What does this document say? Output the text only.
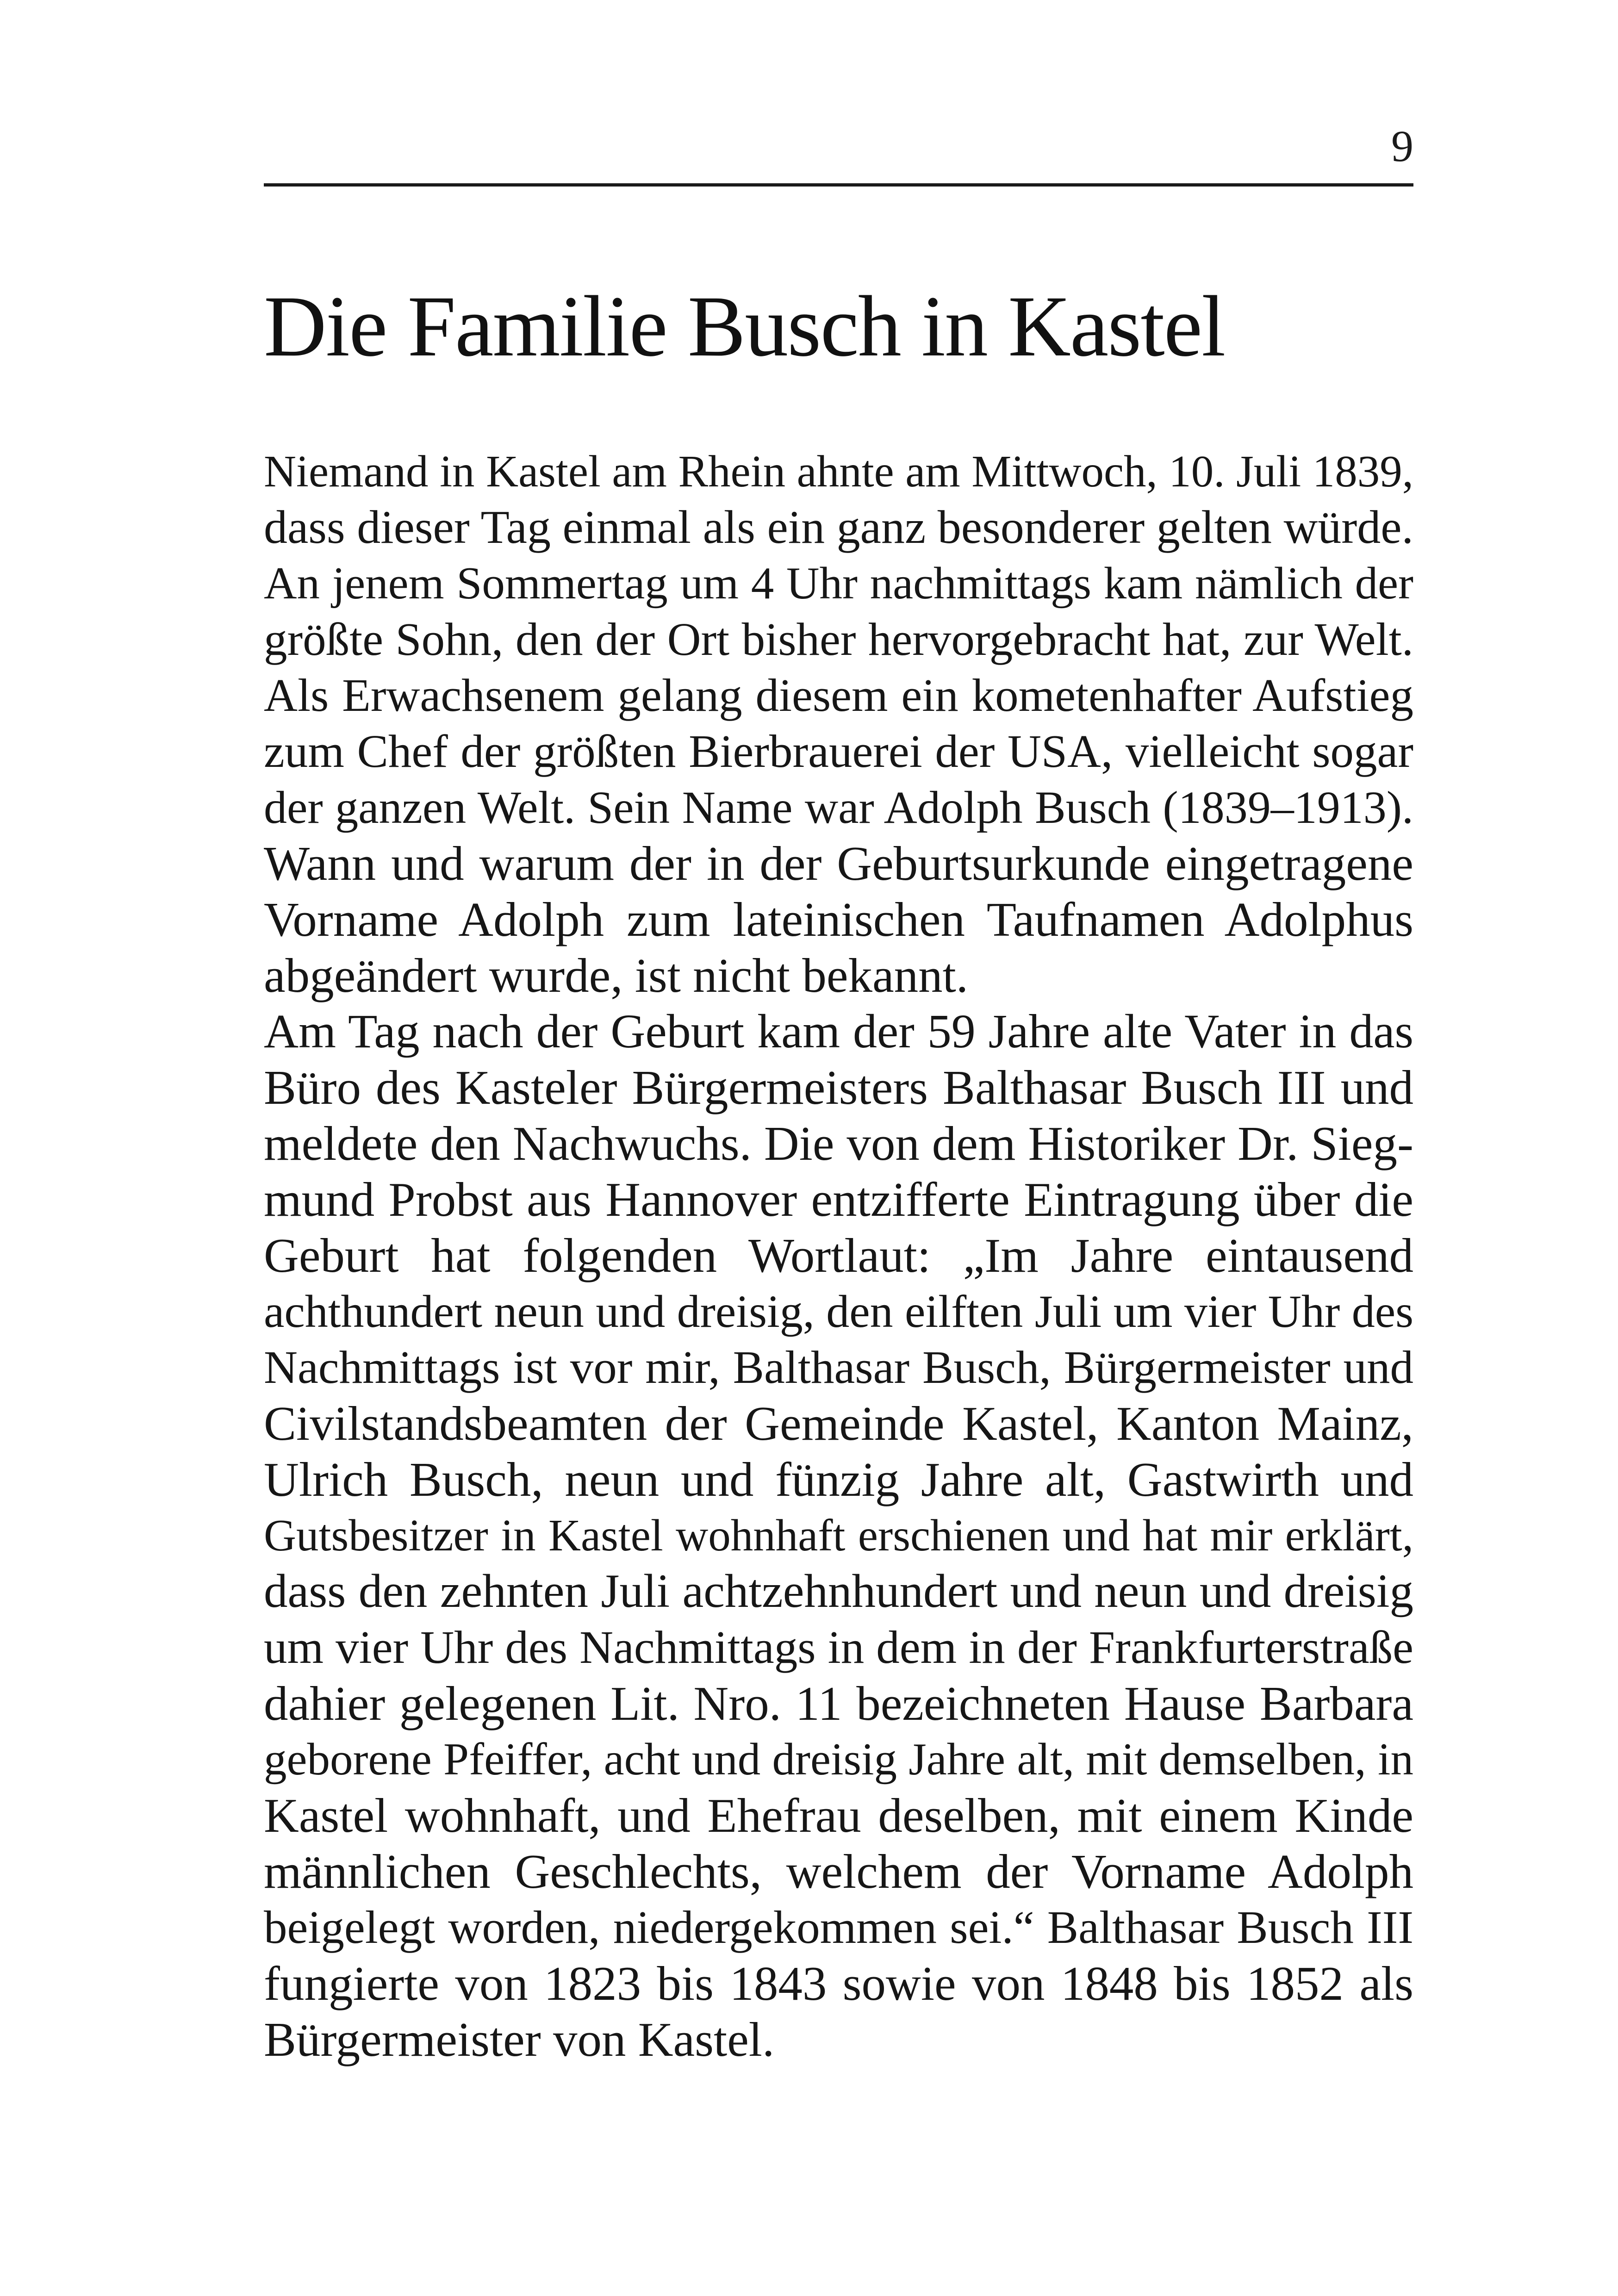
9
Die Familie Busch in Kastel
Niemand in Kastel am Rhein ahnte am Mittwoch, 10. Juli 1839,
dass dieser Tag einmal als ein ganz besonderer gelten würde.
An jenem Sommertag um 4 Uhr nachmittags kam nämlich der
größte Sohn, den der Ort bisher hervorgebracht hat, zur Welt.
Als Erwachsenem gelang diesem ein kometenhafter Aufstieg
zum Chef der größten Bierbrauerei der USA, vielleicht sogar
der ganzen Welt. Sein Name war Adolph Busch (1839–1913).
Wann und warum der in der Geburtsurkunde eingetragene
Vorname Adolph zum lateinischen Taufnamen Adolphus
abgeändert wurde, ist nicht bekannt.
Am Tag nach der Geburt kam der 59 Jahre alte Vater in das
Büro des Kasteler Bürgermeisters Balthasar Busch III und
meldete den Nachwuchs. Die von dem Historiker Dr. Sieg-
mund Probst aus Hannover entzifferte Eintragung über die
Geburt hat folgenden Wortlaut: „Im Jahre eintausend
achthundert neun und dreisig, den eilften Juli um vier Uhr des
Nachmittags ist vor mir, Balthasar Busch, Bürgermeister und
Civilstandsbeamten der Gemeinde Kastel, Kanton Mainz,
Ulrich Busch, neun und fünzig Jahre alt, Gastwirth und
Gutsbesitzer in Kastel wohnhaft erschienen und hat mir erklärt,
dass den zehnten Juli achtzehnhundert und neun und dreisig
um vier Uhr des Nachmittags in dem in der Frankfurterstraße
dahier gelegenen Lit. Nro. 11 bezeichneten Hause Barbara
geborene Pfeiffer, acht und dreisig Jahre alt, mit demselben, in
Kastel wohnhaft, und Ehefrau deselben, mit einem Kinde
männlichen Geschlechts, welchem der Vorname Adolph
beigelegt worden, niedergekommen sei.“ Balthasar Busch III
fungierte von 1823 bis 1843 sowie von 1848 bis 1852 als
Bürgermeister von Kastel.
